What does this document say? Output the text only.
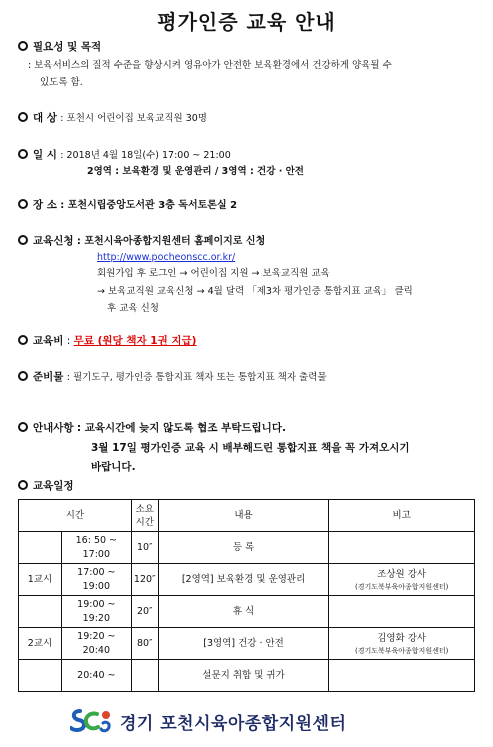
평가인증 교육 안내
필요성 및 목적
: 보육서비스의 질적 수준을 향상시켜 영유아가 안전한 보육환경에서 건강하게 양육될 수
있도록 함.
대 상 : 포천시 어린이집 보육교직원 30명
일 시 : 2018년 4월 18일(수) 17:00 ~ 21:00
2영역 : 보육환경 및 운영관리 / 3영역 : 건강 · 안전
장 소 : 포천시립중앙도서관 3층 독서토론실 2
교육신청 : 포천시육아종합지원센터 홈페이지로 신청
http://www.pocheonscc.or.kr/
회원가입 후 로그인 → 어린이집 지원 → 보육교직원 교육
→ 보육교직원 교육신청 → 4월 달력 「제3차 평가인증 통합지표 교육」 클릭
후 교육 신청
교육비 : 무료 (원당 책자 1권 지급)
준비물 : 필기도구, 평가인증 통합지표 책자 또는 통합지표 책자 출력물
안내사항 : 교육시간에 늦지 않도록 협조 부탁드립니다.
3월 17일 평가인증 교육 시 배부해드린 통합지표 책을 꼭 가져오시기
바랍니다.
교육일정
시간		소요
시간	내용	비고
	16: 50 ~
17:00	10″	등 록	

1교시	17:00 ~
19:00	120″	[2영역] 보육환경 및 운영관리	조상원 강사
(경기도북부육아종합지원센터)

	19:00 ~
19:20	20″	휴 식	

2교시	19:20 ~
20:40	80″	[3영역] 건강 · 안전	김영화 강사
(경기도북부육아종합지원센터)

	20:40 ~		설문지 취합 및 귀가	
경기 포천시육아종합지원센터
